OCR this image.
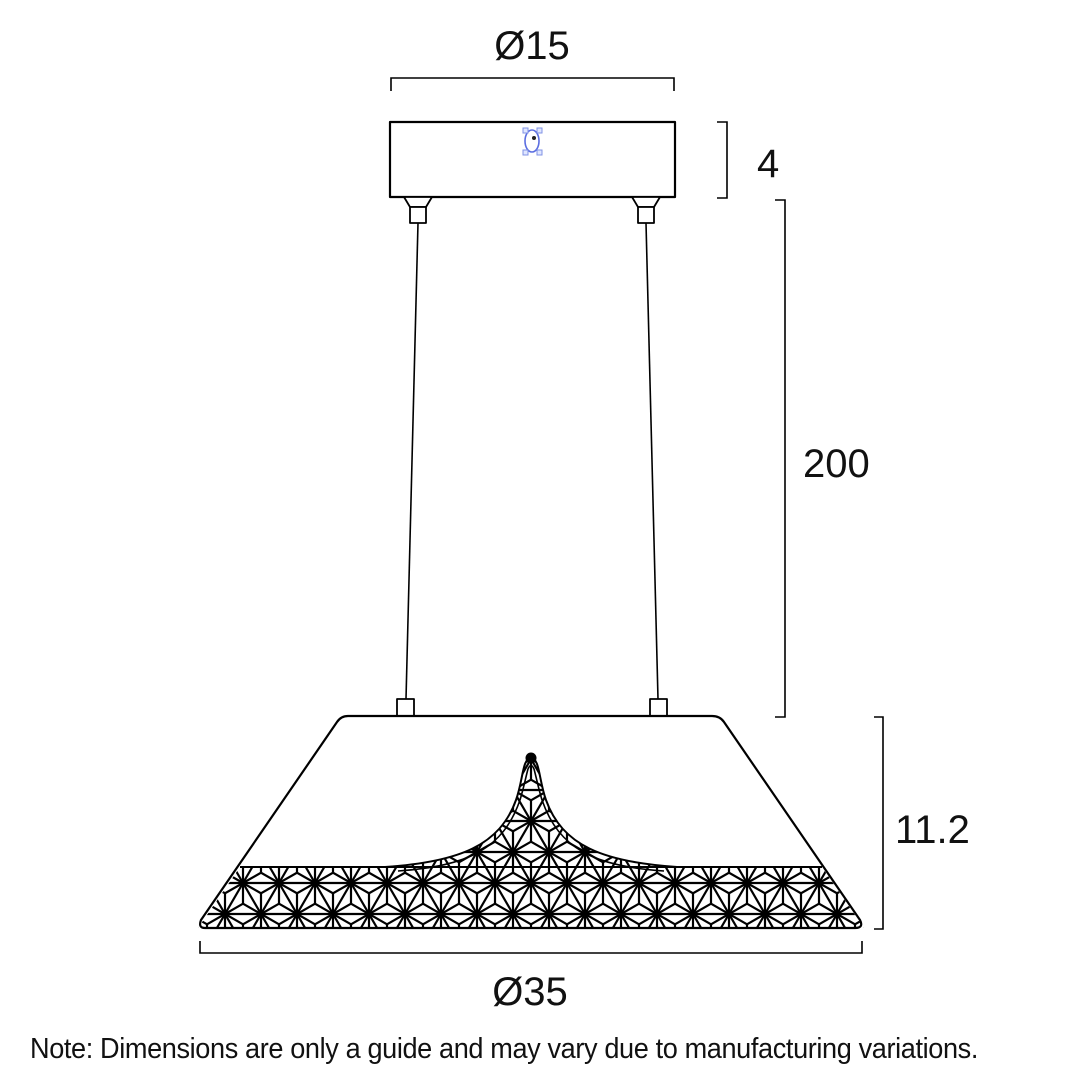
Ø15
4
200
11.2
Ø35
Note: Dimensions are only a guide and may vary due to manufacturing variations.
